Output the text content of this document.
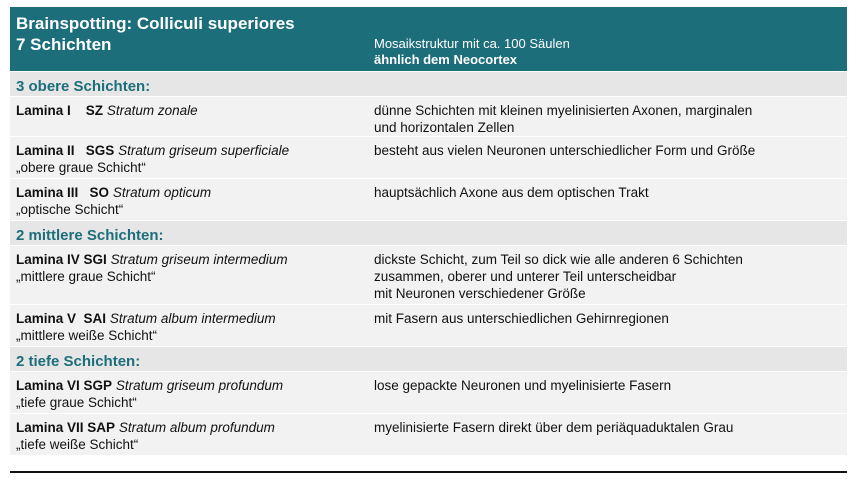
Brainspotting: Colliculi superiores
7 Schichten	Mosaikstruktur mit ca. 100 Säulen
ähnlich dem Neocortex
3 obere Schichten:
Lamina I SZ Stratum zonale	dünne Schichten mit kleinen myelinisierten Axonen, marginalen
und horizontalen Zellen
Lamina II SGS Stratum griseum superficiale
„obere graue Schicht“
besteht aus vielen Neuronen unterschiedlicher Form und Größe
Lamina III SO Stratum opticum
„optische Schicht“
hauptsächlich Axone aus dem optischen Trakt
2 mittlere Schichten:
Lamina IV SGI Stratum griseum intermedium
„mittlere graue Schicht“
dickste Schicht, zum Teil so dick wie alle anderen 6 Schichten
zusammen, oberer und unterer Teil unterscheidbar
mit Neuronen verschiedener Größe
Lamina V SAI Stratum album intermedium
„mittlere weiße Schicht“
mit Fasern aus unterschiedlichen Gehirnregionen
2 tiefe Schichten:
Lamina VI SGP Stratum griseum profundum
„tiefe graue Schicht“
lose gepackte Neuronen und myelinisierte Fasern
Lamina VII SAP Stratum album profundum
„tiefe weiße Schicht“
myelinisierte Fasern direkt über dem periäquaduktalen Grau
